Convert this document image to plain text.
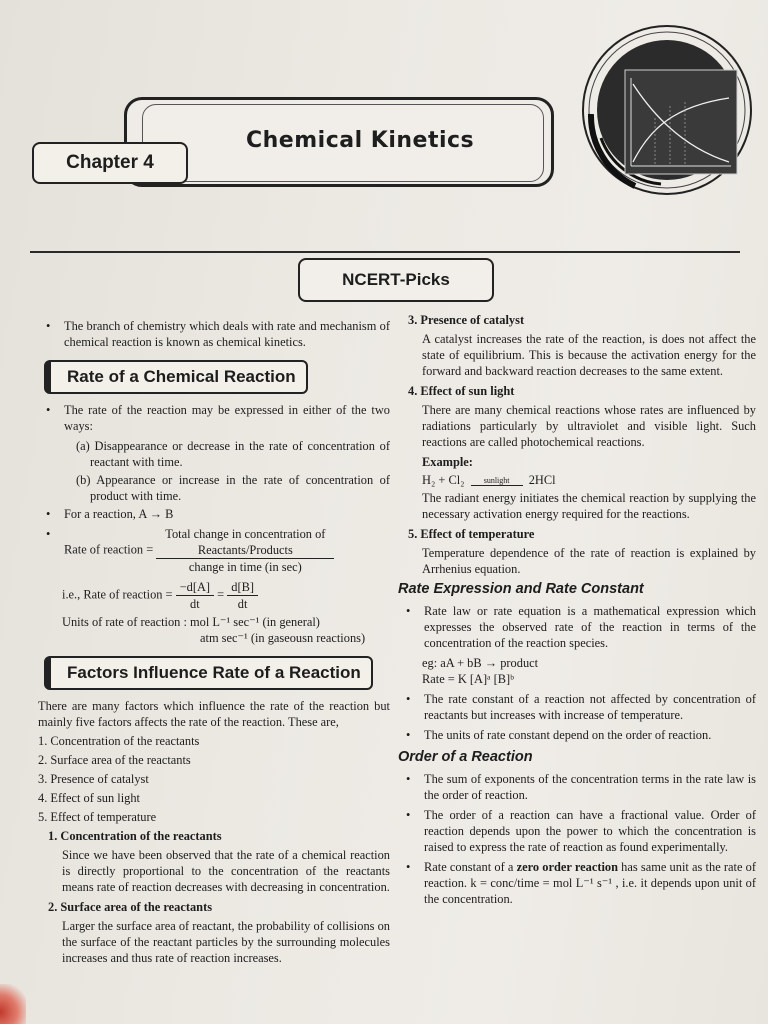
Chemical Kinetics
Chapter 4
NCERT-Picks

• The branch of chemistry which deals with rate and mechanism of chemical reaction is known as chemical kinetics.

Rate of a Chemical Reaction

• The rate of the reaction may be expressed in either of the two ways:

(a) Disappearance or decrease in the rate of concentration of reactant with time.

(b) Appearance or increase in the rate of concentration of product with time.

• For a reaction, A → B

• Rate of reaction = $\frac{\text{Total change in concentration of Reactants/Products}}{\text{change in time (in sec)}}$
i.e., Rate of reaction = $\frac{-d[A]}{dt} = \frac{d[B]}{dt}$

Units of rate of reaction : mol L⁻¹ sec⁻¹ (in general)

atm sec⁻¹ (in gaseousn reactions)

Factors Influence Rate of a Reaction

There are many factors which influence the rate of the reaction but mainly five factors affects the rate of the reaction. These are,

1. Concentration of the reactants

2. Surface area of the reactants

3. Presence of catalyst

4. Effect of sun light

5. Effect of temperature

1. Concentration of the reactants

Since we have been observed that the rate of a chemical reaction is directly proportional to the concentration of the reactants means rate of reaction decreases with decreasing in concentration.

2. Surface area of the reactants

Larger the surface area of reactant, the probability of collisions on the surface of the reactant particles by the surrounding molecules increases and thus rate of reaction increases.

3. Presence of catalyst

A catalyst increases the rate of the reaction, is does not affect the state of equilibrium. This is because the activation energy for the forward and backward reaction decreases to the same extent.

4. Effect of sun light

There are many chemical reactions whose rates are influenced by radiations particularly by ultraviolet and visible light. Such reactions are called photochemical reactions.

Example:

H₂ + Cl₂	sunlight	2HCl

The radiant energy initiates the chemical reaction by supplying the necessary activation energy required for the reactions.

5. Effect of temperature

Temperature dependence of the rate of reaction is explained by Arrhenius equation.

Rate Expression and Rate Constant

• Rate law or rate equation is a mathematical expression which expresses the observed rate of the reaction in terms of the concentration of the reaction species.

eg: aA + bB → product

Rate = K [A]ᵃ [B]ᵇ

• The rate constant of a reaction not affected by concentration of reactants but increases with increase of temperature.

• The units of rate constant depend on the order of reaction.

Order of a Reaction

• The sum of exponents of the concentration terms in the rate law is the order of reaction.

• The order of a reaction can have a fractional value. Order of reaction depends upon the power to which the concentration is raised to express the rate of reaction as found experimentally.

• Rate constant of a zero order reaction has same unit as the rate of reaction. k = conc/time = mol L⁻¹ s⁻¹ , i.e. it depends upon unit of the concentration.
